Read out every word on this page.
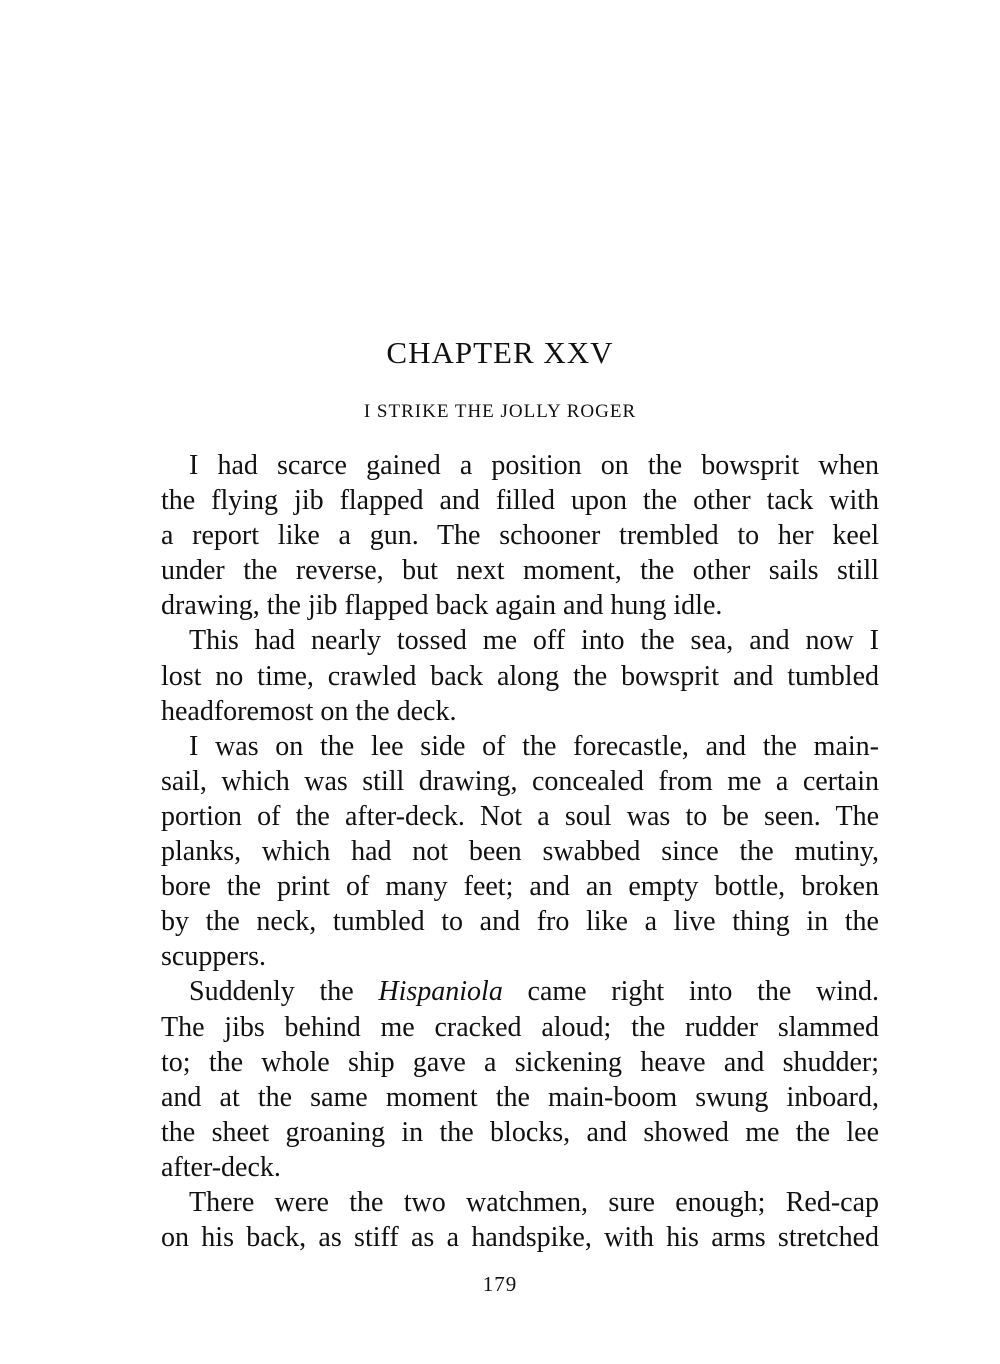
CHAPTER XXV
I STRIKE THE JOLLY ROGER

I had scarce gained a position on the bowsprit when
the flying jib flapped and filled upon the other tack with
a report like a gun. The schooner trembled to her keel
under the reverse, but next moment, the other sails still
drawing, the jib flapped back again and hung idle.

This had nearly tossed me off into the sea, and now I
lost no time, crawled back along the bowsprit and tumbled
headforemost on the deck.

I was on the lee side of the forecastle, and the main-
sail, which was still drawing, concealed from me a certain
portion of the after-deck. Not a soul was to be seen. The
planks, which had not been swabbed since the mutiny,
bore the print of many feet; and an empty bottle, broken
by the neck, tumbled to and fro like a live thing in the
scuppers.

Suddenly the Hispaniola came right into the wind.
The jibs behind me cracked aloud; the rudder slammed
to; the whole ship gave a sickening heave and shudder;
and at the same moment the main-boom swung inboard,
the sheet groaning in the blocks, and showed me the lee
after-deck.

There were the two watchmen, sure enough; Red-cap
on his back, as stiff as a handspike, with his arms stretched

179
